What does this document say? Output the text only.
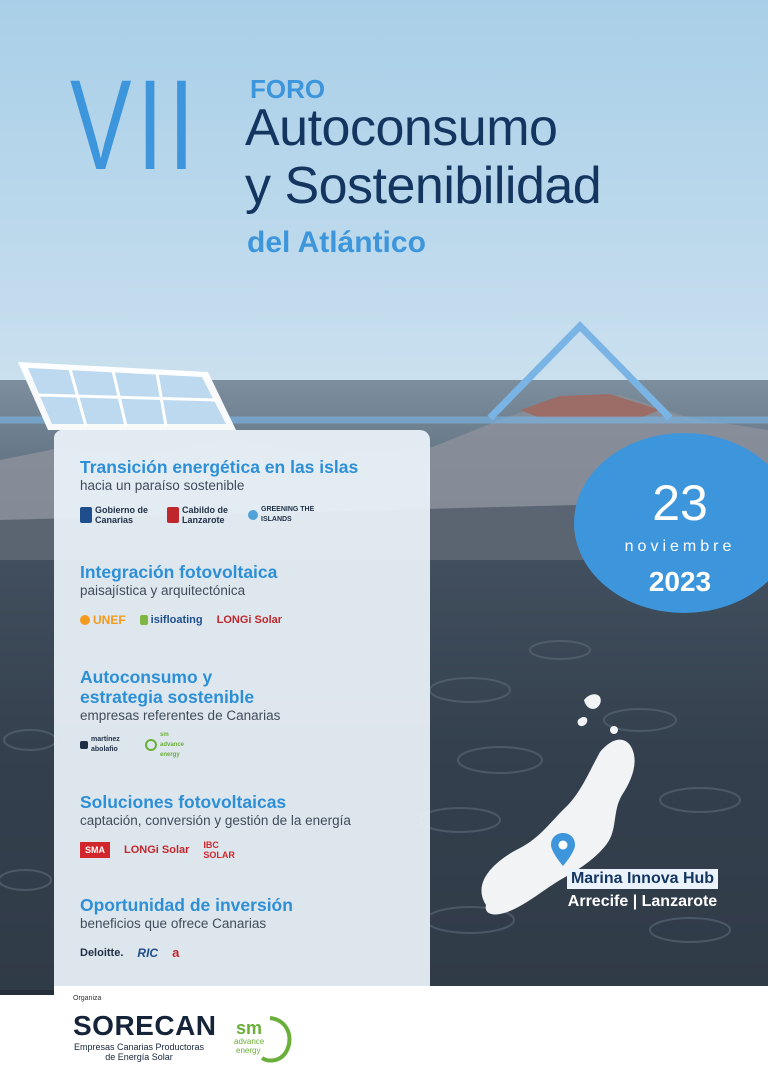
VII FORO
Autoconsumo
y Sostenibilidad
del Atlántico
Transición energética en las islas

hacia un paraíso sostenible

Gobierno de Canarias
Cabildo de Lanzarote
GREENING THE ISLANDS
Integración fotovoltaica

paisajística y arquitectónica

UNEF isifloating LONGi Solar
Autoconsumo y
estrategia sostenible

empresas referentes de Canarias

martínez abolafio
sm advance energy
Soluciones fotovoltaicas

captación, conversión y gestión de la energía

SMA LONGi Solar IBC SOLAR
Oportunidad de inversión

beneficios que ofrece Canarias

Deloitte. RIC a
23
noviembre
2023
Marina Innova Hub
Arrecife | Lanzarote
Organiza
SORECAN
Empresas Canarias Productoras de Energía Solar
sm
advance
energy
